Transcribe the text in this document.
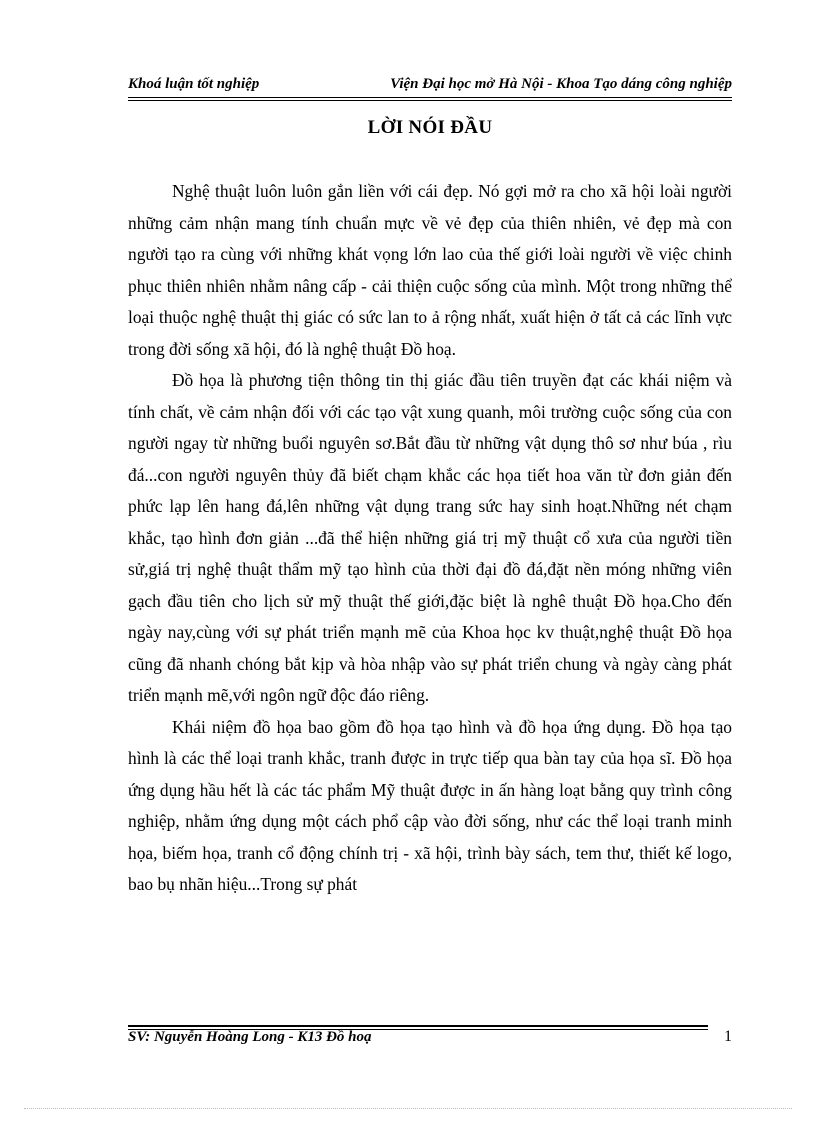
Khoá luận tốt nghiệp	Viện Đại học mở Hà Nội - Khoa Tạo dáng công nghiệp
LỜI NÓI ĐẦU

Nghệ thuật luôn luôn gắn liền với cái đẹp. Nó gợi mở ra cho xã hội loài người những cảm nhận mang tính chuẩn mực về vẻ đẹp của thiên nhiên, vẻ đẹp mà con người tạo ra cùng với những khát vọng lớn lao của thế giới loài người về việc chinh phục thiên nhiên nhằm nâng cấp - cải thiện cuộc sống của mình. Một trong những thể loại thuộc nghệ thuật thị giác có sức lan to ả rộng nhất, xuất hiện ở tất cả các lĩnh vực trong đời sống xã hội, đó là nghệ thuật Đồ hoạ.

Đồ họa là phương tiện thông tin thị giác đầu tiên truyền đạt các khái niệm và tính chất, về cảm nhận đối với các tạo vật xung quanh, môi trường cuộc sống của con người ngay từ những buổi nguyên sơ.Bắt đầu từ những vật dụng thô sơ như búa , rìu đá...con người nguyên thủy đã biết chạm khắc các họa tiết hoa văn từ đơn giản đến phức lạp lên hang đá,lên những vật dụng trang sức hay sinh hoạt.Những nét chạm khắc, tạo hình đơn giản ...đã thể hiện những giá trị mỹ thuật cổ xưa của người tiền sử,giá trị nghệ thuật thẩm mỹ tạo hình của thời đại đồ đá,đặt nền móng những viên gạch đầu tiên cho lịch sử mỹ thuật thế giới,đặc biệt là nghê thuật Đồ họa.Cho đến ngày nay,cùng với sự phát triển mạnh mẽ của Khoa học kv thuật,nghệ thuật Đồ họa cũng đã nhanh chóng bắt kịp và hòa nhập vào sự phát triển chung và ngày càng phát triển mạnh mẽ,với ngôn ngữ độc đáo riêng.

Khái niệm đồ họa bao gồm đồ họa tạo hình và đồ họa ứng dụng. Đồ họa tạo hình là các thể loại tranh khắc, tranh được in trực tiếp qua bàn tay của họa sĩ. Đồ họa ứng dụng hầu hết là các tác phẩm Mỹ thuật được in ấn hàng loạt bằng quy trình công nghiệp, nhằm ứng dụng một cách phổ cập vào đời sống, như các thể loại tranh minh họa, biếm họa, tranh cổ động chính trị - xã hội, trình bày sách, tem thư, thiết kế logo, bao bụ nhãn hiệu...Trong sự phát

SV: Nguyễn Hoàng Long - K13 Đồ hoạ	1
